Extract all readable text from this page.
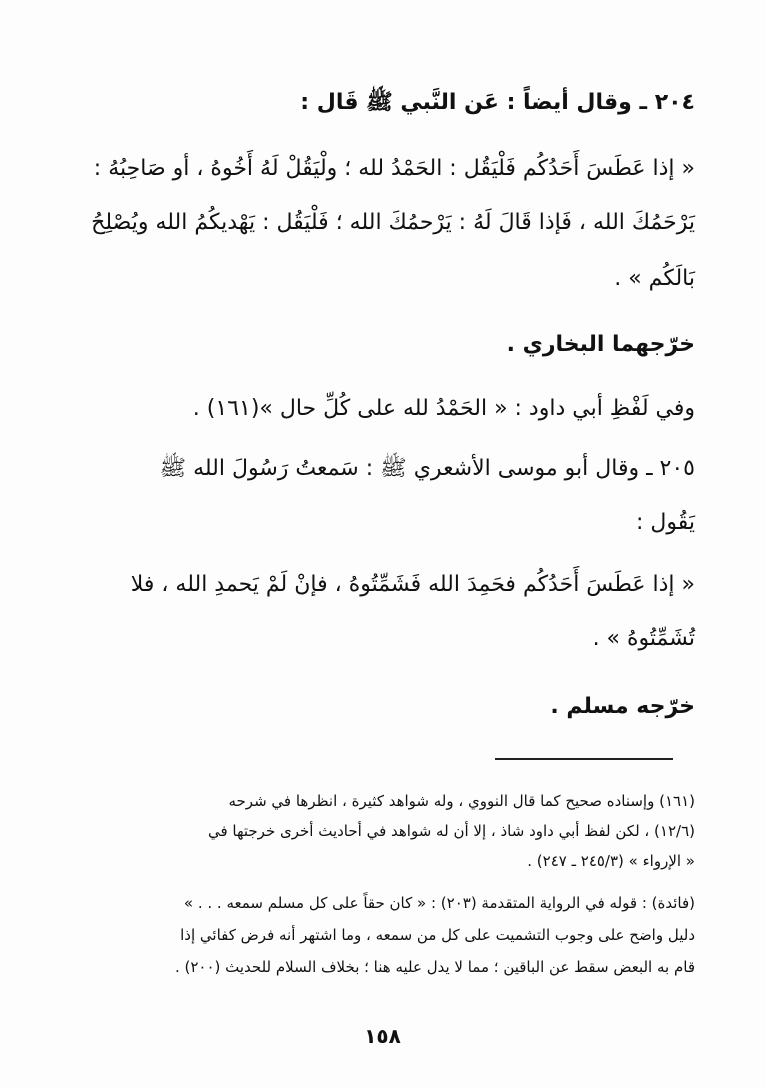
٢٠٤ ـ وقال أيضاً : عَن النَّبي ﷺ قَال :
« إذا عَطَسَ أَحَدُكُم فَلْيَقُل : الحَمْدُ لله ؛ ولْيَقُلْ لَهُ أَخُوهُ ، أو صَاحِبُهُ :
يَرْحَمُكَ الله ، فَإذا قَالَ لَهُ : يَرْحمُكَ الله ؛ فَلْيَقُل : يَهْديكُمُ الله ويُصْلِحُ
بَالَكُم » .
خرّجهما البخاري .
وفي لَفْظِ أبي داود : « الحَمْدُ لله على كُلِّ حال »(١٦١) .
٢٠٥ ـ وقال أبو موسى الأشعري ﷺ : سَمعتُ رَسُولَ الله ﷺ
يَقُول :
« إذا عَطَسَ أَحَدُكُم فحَمِدَ الله فَشَمِّتُوهُ ، فإنْ لَمْ يَحمدِ الله ، فلا
تُشَمِّتُوهُ » .
خرّجه مسلم .
(١٦١) وإسناده صحيح كما قال النووي ، وله شواهد كثيرة ، انظرها في شرحه
(١٢/٦) ، لكن لفظ أبي داود شاذ ، إلا أن له شواهد في أحاديث أخرى خرجتها في
« الإرواء » (٢٤٥/٣ ـ ٢٤٧) .
(فائدة) : قوله في الرواية المتقدمة (٢٠٣) : « كان حقاً على كل مسلم سمعه . . . »
دليل واضح على وجوب التشميت على كل من سمعه ، وما اشتهر أنه فرض كفائي إذا
قام به البعض سقط عن الباقين ؛ مما لا يدل عليه هنا ؛ بخلاف السلام للحديث (٢٠٠) .
١٥٨
